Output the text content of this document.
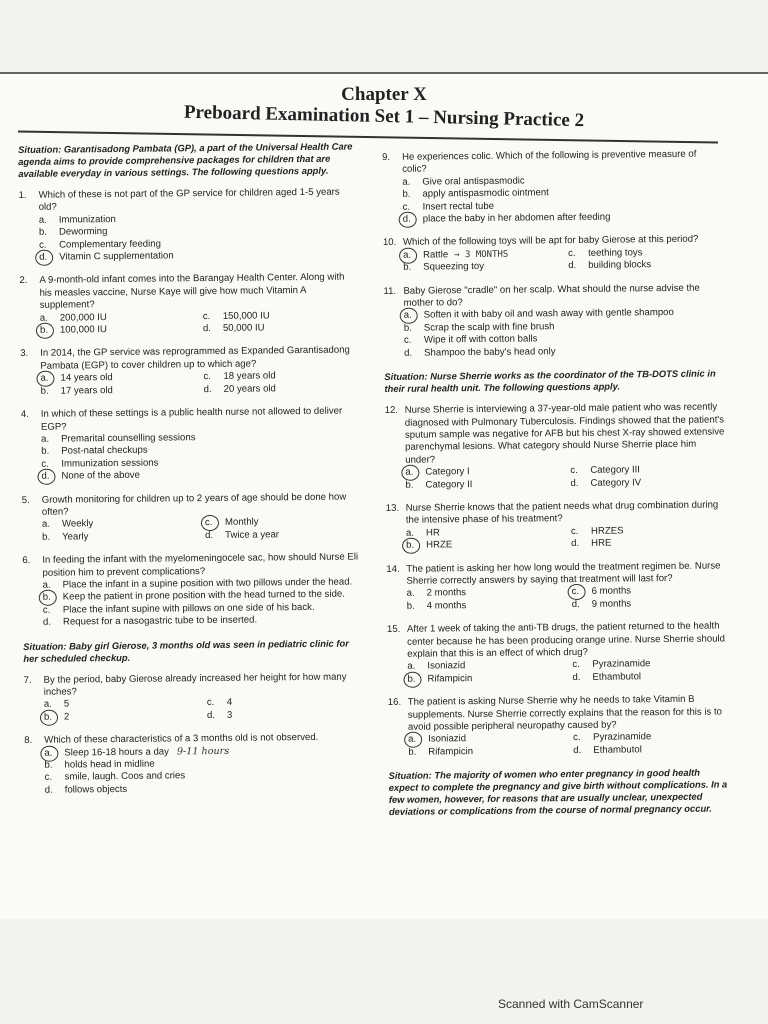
Chapter X
Preboard Examination Set 1 – Nursing Practice 2
Situation: Garantisadong Pambata (GP), a part of the Universal Health Care agenda aims to provide comprehensive packages for children that are available everyday in various settings. The following questions apply.
1.	Which of these is not part of the GP service for children aged 1-5 years old?
a.	Immunization
b.	Deworming
c.	Complementary feeding
d.	Vitamin C supplementation
2.	A 9-month-old infant comes into the Barangay Health Center. Along with his measles vaccine, Nurse Kaye will give how much Vitamin A supplement?
a.	200,000 IU	c.	150,000 IU
b.	100,000 IU	d.	50,000 IU
3.	In 2014, the GP service was reprogrammed as Expanded Garantisadong Pambata (EGP) to cover children up to which age?
a.	14 years old	c.	18 years old
b.	17 years old	d.	20 years old
4.	In which of these settings is a public health nurse not allowed to deliver EGP?
a.	Premarital counselling sessions
b.	Post-natal checkups
c.	Immunization sessions
d.	None of the above
5.	Growth monitoring for children up to 2 years of age should be done how often?
a.	Weekly	c.	Monthly
b.	Yearly	d.	Twice a year
6.	In feeding the infant with the myelomeningocele sac, how should Nurse Eli position him to prevent complications?
a.	Place the infant in a supine position with two pillows under the head.
b.	Keep the patient in prone position with the head turned to the side.
c.	Place the infant supine with pillows on one side of his back.
d.	Request for a nasogastric tube to be inserted.
Situation: Baby girl Gierose, 3 months old was seen in pediatric clinic for her scheduled checkup.
7.	By the period, baby Gierose already increased her height for how many inches?
a.	5	c.	4
b.	2	d.	3
8.	Which of these characteristics of a 3 months old is not observed.
a.	Sleep 16-18 hours a day 9-11 hours
b.	holds head in midline
c.	smile, laugh. Coos and cries
d.	follows objects
9.	He experiences colic. Which of the following is preventive measure of colic?
a.	Give oral antispasmodic
b.	apply antispasmodic ointment
c.	Insert rectal tube
d.	place the baby in her abdomen after feeding
10. Which of the following toys will be apt for baby Gierose at this period?
a.	Rattle → 3 MONTHS	c.	teething toys
b.	Squeezing toy	d.	building blocks
11. Baby Gierose "cradle" on her scalp. What should the nurse advise the mother to do?
a.	Soften it with baby oil and wash away with gentle shampoo
b.	Scrap the scalp with fine brush
c.	Wipe it off with cotton balls
d.	Shampoo the baby's head only
Situation: Nurse Sherrie works as the coordinator of the TB-DOTS clinic in their rural health unit. The following questions apply.
12. Nurse Sherrie is interviewing a 37-year-old male patient who was recently diagnosed with Pulmonary Tuberculosis. Findings showed that the patient's sputum sample was negative for AFB but his chest X-ray showed extensive parenchymal lesions. What category should Nurse Sherrie place him under?
a.	Category I	c.	Category III
b.	Category II	d.	Category IV
13. Nurse Sherrie knows that the patient needs what drug combination during the intensive phase of his treatment?
a.	HR	c.	HRZES
b.	HRZE	d.	HRE
14. The patient is asking her how long would the treatment regimen be. Nurse Sherrie correctly answers by saying that treatment will last for?
a.	2 months	c.	6 months
b.	4 months	d.	9 months
15. After 1 week of taking the anti-TB drugs, the patient returned to the health center because he has been producing orange urine. Nurse Sherrie should explain that this is an effect of which drug?
a.	Isoniazid	c.	Pyrazinamide
b.	Rifampicin	d.	Ethambutol
16. The patient is asking Nurse Sherrie why he needs to take Vitamin B supplements. Nurse Sherrie correctly explains that the reason for this is to avoid possible peripheral neuropathy caused by?
a.	Isoniazid	c.	Pyrazinamide
b.	Rifampicin	d.	Ethambutol
Situation: The majority of women who enter pregnancy in good health expect to complete the pregnancy and give birth without complications. In a few women, however, for reasons that are usually unclear, unexpected deviations or complications from the course of normal pregnancy occur.
Scanned with CamScanner
